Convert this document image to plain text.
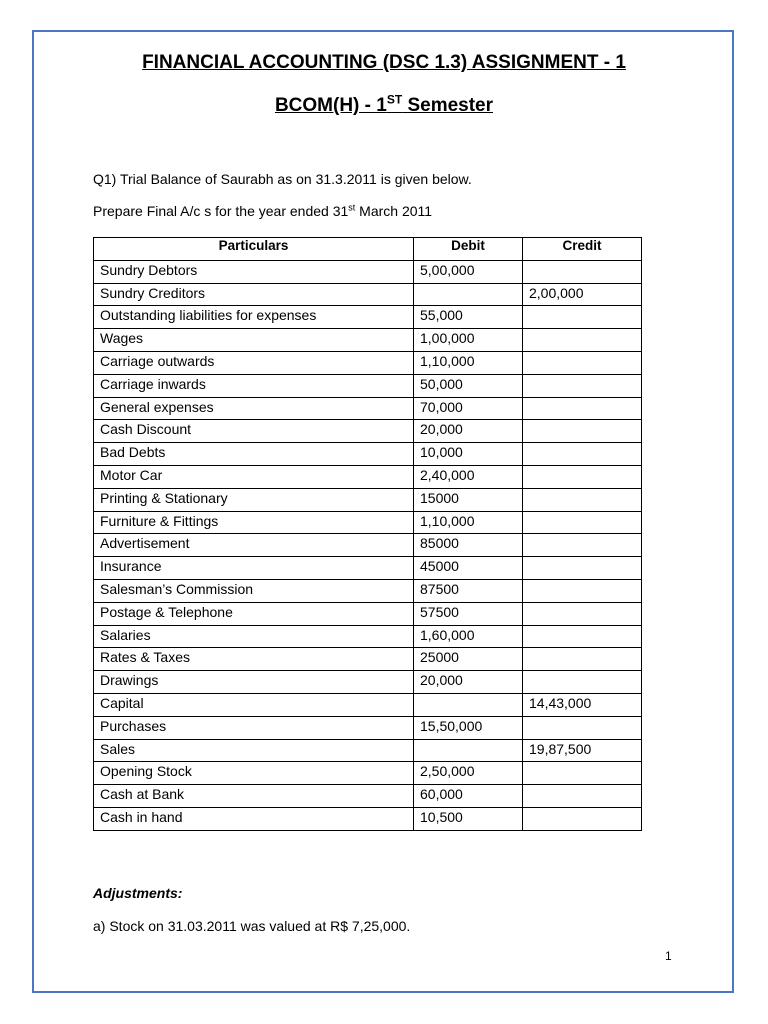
FINANCIAL ACCOUNTING (DSC 1.3) ASSIGNMENT - 1
BCOM(H) - 1ST Semester
Q1) Trial Balance of Saurabh as on 31.3.2011 is given below.
Prepare Final A/c s for the year ended 31st March 2011
Particulars	Debit	Credit
Sundry Debtors	5,00,000	
Sundry Creditors		2,00,000
Outstanding liabilities for expenses	55,000	
Wages	1,00,000	
Carriage outwards	1,10,000	
Carriage inwards	50,000	
General expenses	70,000	
Cash Discount	20,000	
Bad Debts	10,000	
Motor Car	2,40,000	
Printing & Stationary	15000	
Furniture & Fittings	1,10,000	
Advertisement	85000	
Insurance	45000	
Salesman’s Commission	87500	
Postage & Telephone	57500	
Salaries	1,60,000	
Rates & Taxes	25000	
Drawings	20,000	
Capital		14,43,000
Purchases	15,50,000	
Sales		19,87,500
Opening Stock	2,50,000	
Cash at Bank	60,000	
Cash in hand	10,500	
Adjustments:
a) Stock on 31.03.2011 was valued at R$ 7,25,000.
1
